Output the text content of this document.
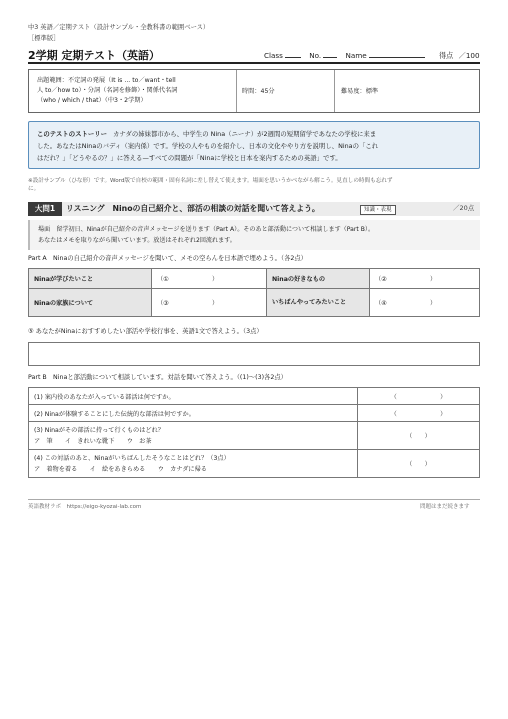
中3 英語／定期テスト（設計サンプル・全教科書の範囲ベース）
［標準版］
2学期 定期テスト（英語）	Class	No.	Name	得点 ／100
出題範囲：不定詞の発展（It is ... to／want・tell
人 to／how to）・分詞（名詞を修飾）・関係代名詞
（who / which / that）（中3・2学期）
時間：45分	難易度：標準
このテストのストーリー カナダの姉妹都市から、中学生の Nina（ニーナ）が2週間の短期留学であなたの学校に来ま
した。あなたはNinaのバディ（案内係）です。学校の人やものを紹介し、日本の文化ややり方を説明し、Ninaの「これ
はだれ？」「どうやるの？」に答える—すべての問題が「Ninaに学校と日本を案内するための英語」です。
※設計サンプル（ひな形）です。Word版で自校の範囲・固有名詞に差し替えて使えます。場面を思いうかべながら解こう。見直しの時間も忘れず
に。
大問1	リスニング　Ninoの自己紹介と、部活の相談の対話を聞いて答えよう。	知識・表現	／20点
場面　留学初日、Ninaが自己紹介の音声メッセージを送ります（Part A）。そのあと部活動について相談します（Part B）。
あなたはメモを取りながら聞いています。放送はそれぞれ2回流れます。
Part A　Ninaの自己紹介の音声メッセージを聞いて、メモの空らんを日本語で埋めよう。（各2点）
Ninaが学びたいこと	（①　　　　　　　）	Ninaの好きなもの	（②　　　　　　　）
Ninaの家族について	（③　　　　　　　）	いちばんやってみたいこと	（④　　　　　　　）
⑤ あなたがNinaにおすすめしたい部活や学校行事を、英語1文で答えよう。（3点）
Part B　Ninaと部活動について相談しています。対話を聞いて答えよう。（(1)～(3)各2点）
(1) 案内役のあなたが入っている部活は何ですか。	（　　　　　　　）
(2) Ninaが体験することにした伝統的な部活は何ですか。	（　　　　　　　）

(3) Ninaがその部活に持って行くものはどれ？
ア　筆　　イ　きれいな靴下　　ウ　お茶	（　　）

(4) この対話のあと、Ninaがいちばんしたそうなことはどれ？（3点）
ア　着物を着る　　イ　絵をあきらめる　　ウ　カナダに帰る	（　　）
英語教材ラボ　https://eigo-kyozai-lab.com	問題はまだ続きます
